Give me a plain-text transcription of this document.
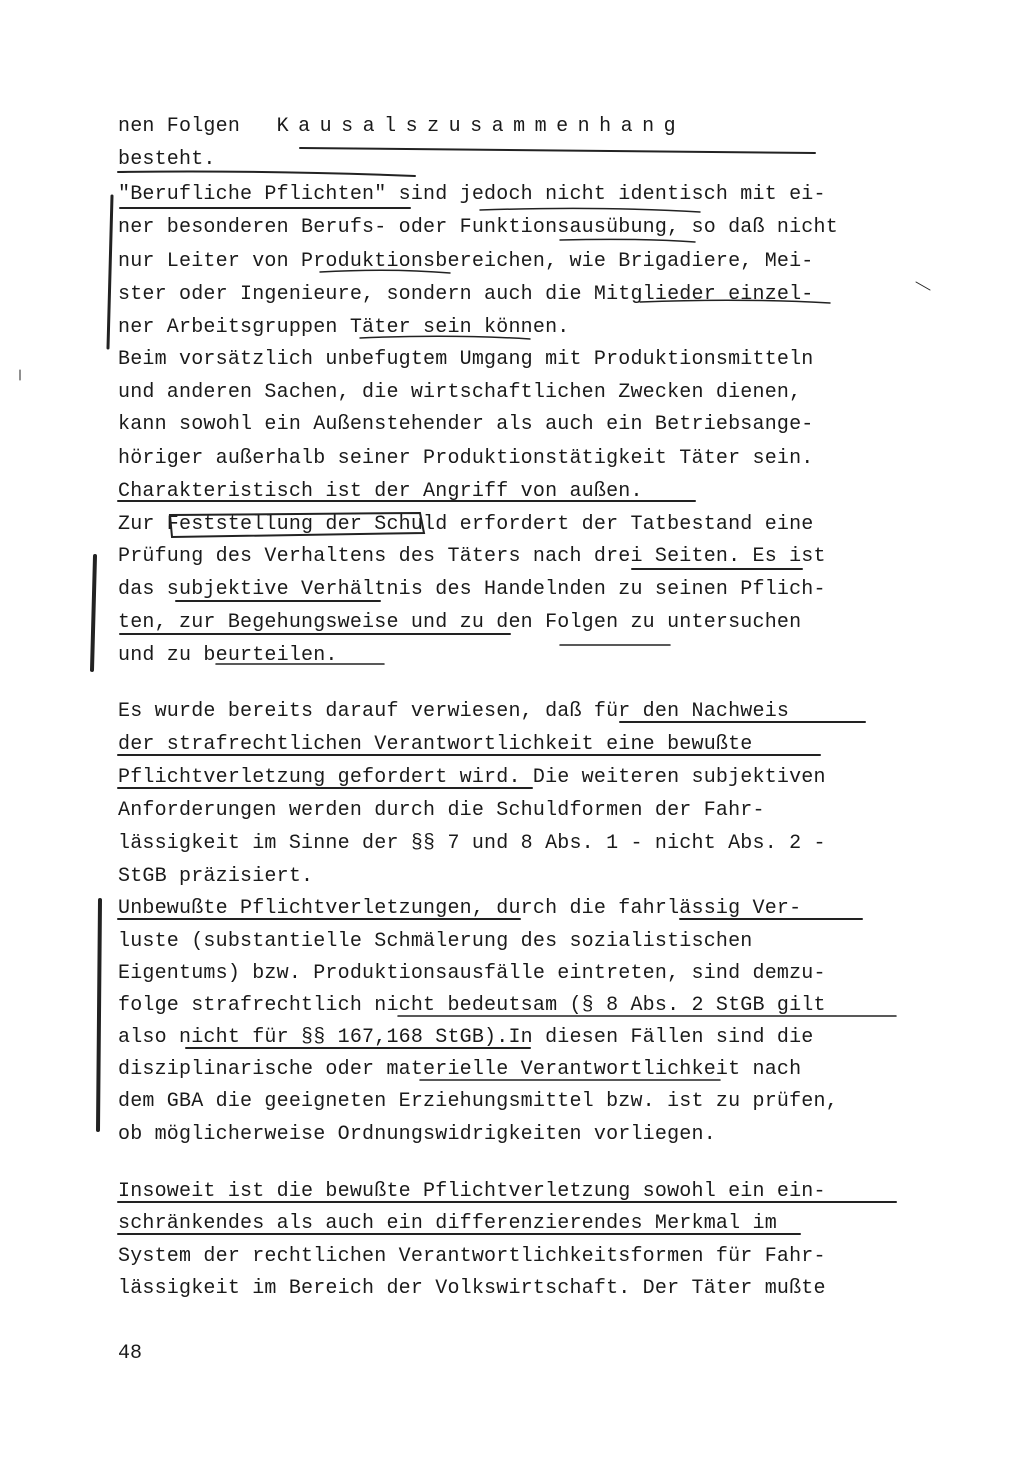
nen Folgen   Kausalszusammenhang
besteht.
"Berufliche Pflichten" sind jedoch nicht identisch mit ei-
ner besonderen Berufs- oder Funktionsausübung, so daß nicht
nur Leiter von Produktionsbereichen, wie Brigadiere, Mei-
ster oder Ingenieure, sondern auch die Mitglieder einzel-
ner Arbeitsgruppen Täter sein können.
Beim vorsätzlich unbefugtem Umgang mit Produktionsmitteln
und anderen Sachen, die wirtschaftlichen Zwecken dienen,
kann sowohl ein Außenstehender als auch ein Betriebsange-
höriger außerhalb seiner Produktionstätigkeit Täter sein.
Charakteristisch ist der Angriff von außen.
Zur Feststellung der Schuld erfordert der Tatbestand eine
Prüfung des Verhaltens des Täters nach drei Seiten. Es ist
das subjektive Verhältnis des Handelnden zu seinen Pflich-
ten, zur Begehungsweise und zu den Folgen zu untersuchen
und zu beurteilen.
Es wurde bereits darauf verwiesen, daß für den Nachweis
der strafrechtlichen Verantwortlichkeit eine bewußte
Pflichtverletzung gefordert wird. Die weiteren subjektiven
Anforderungen werden durch die Schuldformen der Fahr-
lässigkeit im Sinne der §§ 7 und 8 Abs. 1 - nicht Abs. 2 -
StGB präzisiert.
Unbewußte Pflichtverletzungen, durch die fahrlässig Ver-
luste (substantielle Schmälerung des sozialistischen
Eigentums) bzw. Produktionsausfälle eintreten, sind demzu-
folge strafrechtlich nicht bedeutsam (§ 8 Abs. 2 StGB gilt
also nicht für §§ 167,168 StGB).In diesen Fällen sind die
disziplinarische oder materielle Verantwortlichkeit nach
dem GBA die geeigneten Erziehungsmittel bzw. ist zu prüfen,
ob möglicherweise Ordnungswidrigkeiten vorliegen.
Insoweit ist die bewußte Pflichtverletzung sowohl ein ein-
schränkendes als auch ein differenzierendes Merkmal im
System der rechtlichen Verantwortlichkeitsformen für Fahr-
lässigkeit im Bereich der Volkswirtschaft. Der Täter mußte
48
